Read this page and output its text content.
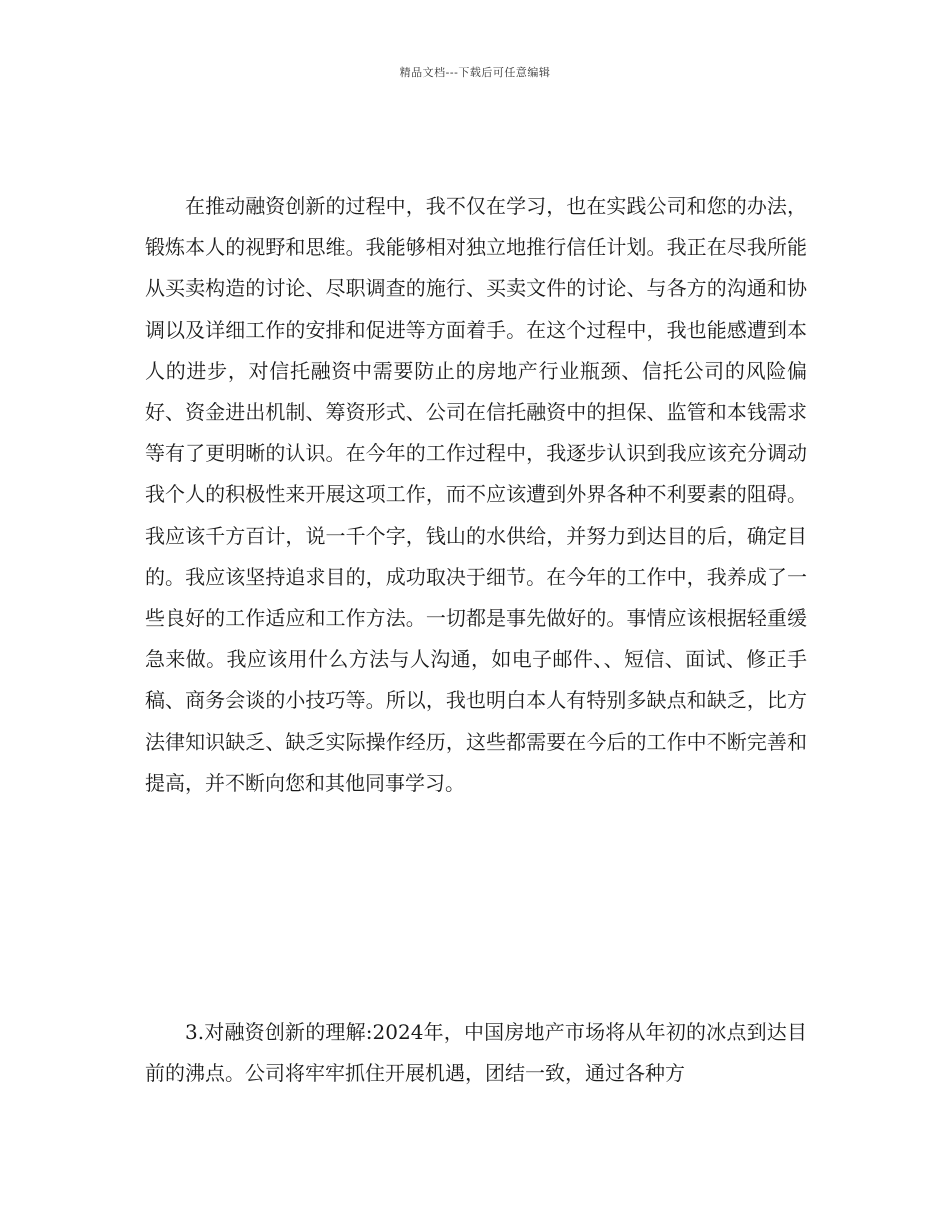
精品文档---下载后可任意编辑

在推动融资创新的过程中，我不仅在学习，也在实践公司和您的办法，锻炼本人的视野和思维。我能够相对独立地推行信任计划。我正在尽我所能从买卖构造的讨论、尽职调查的施行、买卖文件的讨论、与各方的沟通和协调以及详细工作的安排和促进等方面着手。在这个过程中，我也能感遭到本人的进步，对信托融资中需要防止的房地产行业瓶颈、信托公司的风险偏好、资金进出机制、筹资形式、公司在信托融资中的担保、监管和本钱需求等有了更明晰的认识。在今年的工作过程中，我逐步认识到我应该充分调动我个人的积极性来开展这项工作，而不应该遭到外界各种不利要素的阻碍。我应该千方百计，说一千个字，钱山的水供给，并努力到达目的后，确定目的。我应该坚持追求目的，成功取决于细节。在今年的工作中，我养成了一些良好的工作适应和工作方法。一切都是事先做好的。事情应该根据轻重缓急来做。我应该用什么方法与人沟通，如电子邮件、、短信、面试、修正手稿、商务会谈的小技巧等。所以，我也明白本人有特别多缺点和缺乏，比方法律知识缺乏、缺乏实际操作经历，这些都需要在今后的工作中不断完善和提高，并不断向您和其他同事学习。

3.对融资创新的理解:2024年，中国房地产市场将从年初的冰点到达目前的沸点。公司将牢牢抓住开展机遇，团结一致，通过各种方
